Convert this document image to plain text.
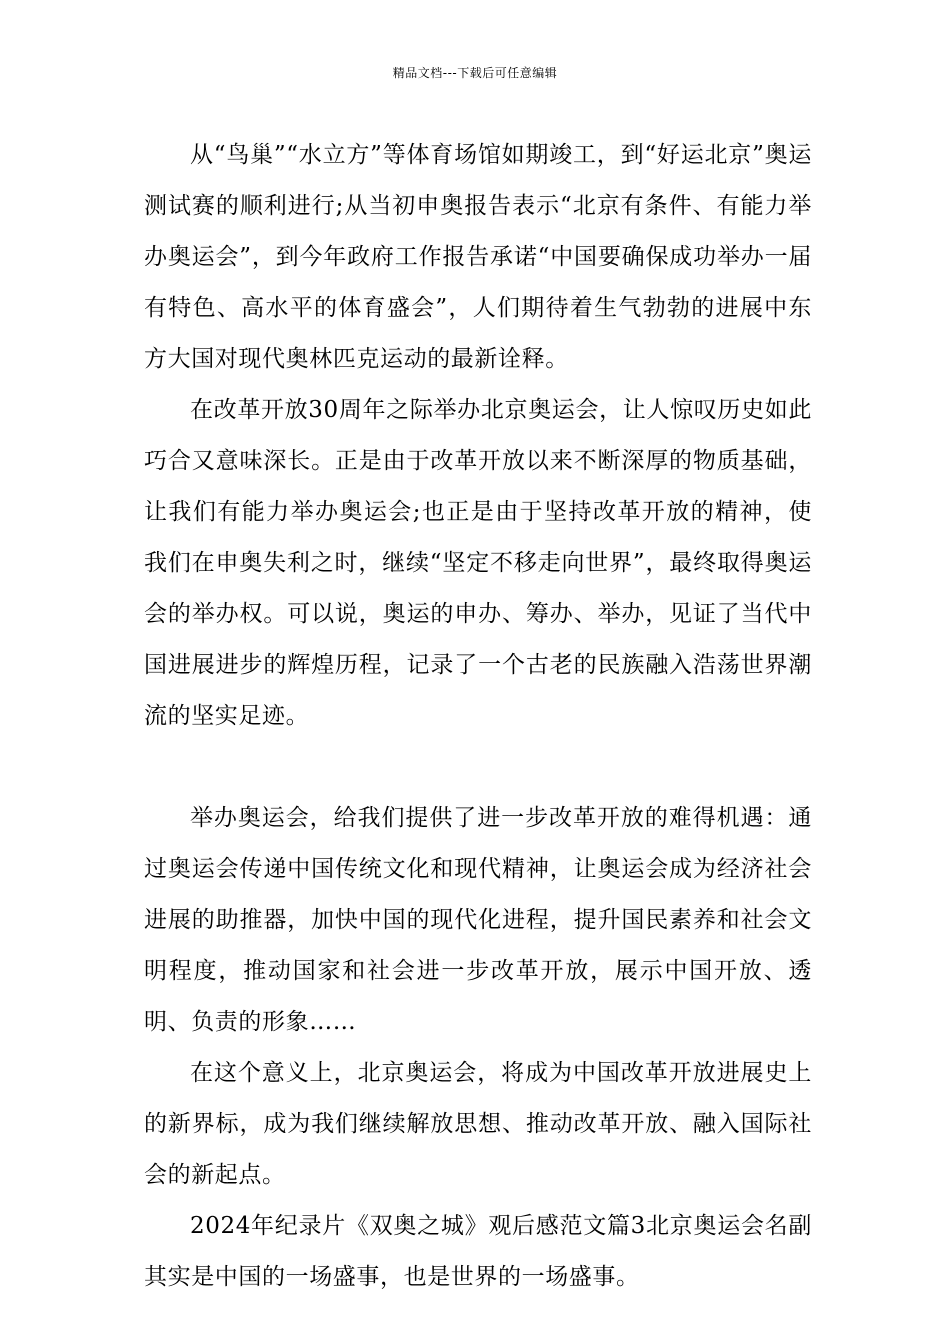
精品文档---下载后可任意编辑

从“鸟巢”“水立方”等体育场馆如期竣工，到“好运北京”奥运测试赛的顺利进行;从当初申奥报告表示“北京有条件、有能力举办奥运会”，到今年政府工作报告承诺“中国要确保成功举办一届有特色、高水平的体育盛会”，人们期待着生气勃勃的进展中东方大国对现代奥林匹克运动的最新诠释。

在改革开放30周年之际举办北京奥运会，让人惊叹历史如此巧合又意味深长。正是由于改革开放以来不断深厚的物质基础，让我们有能力举办奥运会;也正是由于坚持改革开放的精神，使我们在申奥失利之时，继续“坚定不移走向世界”，最终取得奥运会的举办权。可以说，奥运的申办、筹办、举办，见证了当代中国进展进步的辉煌历程，记录了一个古老的民族融入浩荡世界潮流的坚实足迹。

举办奥运会，给我们提供了进一步改革开放的难得机遇：通过奥运会传递中国传统文化和现代精神，让奥运会成为经济社会进展的助推器，加快中国的现代化进程，提升国民素养和社会文明程度，推动国家和社会进一步改革开放，展示中国开放、透明、负责的形象……

在这个意义上，北京奥运会，将成为中国改革开放进展史上的新界标，成为我们继续解放思想、推动改革开放、融入国际社会的新起点。

2024年纪录片《双奥之城》观后感范文篇3北京奥运会名副其实是中国的一场盛事，也是世界的一场盛事。
